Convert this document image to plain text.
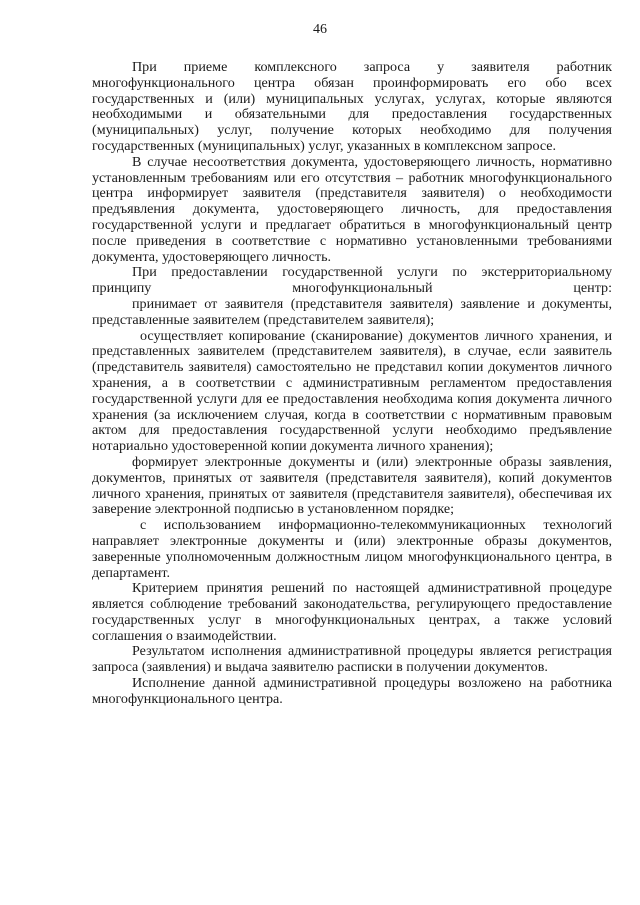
46

При приеме комплексного запроса у заявителя работник многофункционального центра обязан проинформировать его обо всех государственных и (или) муниципальных услугах, услугах, которые являются необходимыми и обязательными для предоставления государственных (муниципальных) услуг, получение которых необходимо для получения государственных (муниципальных) услуг, указанных в комплексном запросе.

В случае несоответствия документа, удостоверяющего личность, нормативно установленным требованиям или его отсутствия – работник многофункционального центра информирует заявителя (представителя заявителя) о необходимости предъявления документа, удостоверяющего личность, для предоставления государственной услуги и предлагает обратиться в многофункциональный центр после приведения в соответствие с нормативно установленными требованиями документа, удостоверяющего личность.

При предоставлении государственной услуги по экстерриториальному принципу многофункциональный центр:

принимает от заявителя (представителя заявителя) заявление и документы, представленные заявителем (представителем заявителя);

осуществляет копирование (сканирование) документов личного хранения, и представленных заявителем (представителем заявителя), в случае, если заявитель (представитель заявителя) самостоятельно не представил копии документов личного хранения, а в соответствии с административным регламентом предоставления государственной услуги для ее предоставления необходима копия документа личного хранения (за исключением случая, когда в соответствии с нормативным правовым актом для предоставления государственной услуги необходимо предъявление нотариально удостоверенной копии документа личного хранения);

формирует электронные документы и (или) электронные образы заявления, документов, принятых от заявителя (представителя заявителя), копий документов личного хранения, принятых от заявителя (представителя заявителя), обеспечивая их заверение электронной подписью в установленном порядке;

с использованием информационно-телекоммуникационных технологий направляет электронные документы и (или) электронные образы документов, заверенные уполномоченным должностным лицом многофункционального центра, в департамент.

Критерием принятия решений по настоящей административной процедуре является соблюдение требований законодательства, регулирующего предоставление государственных услуг в многофункциональных центрах, а также условий соглашения о взаимодействии.

Результатом исполнения административной процедуры является регистрация запроса (заявления) и выдача заявителю расписки в получении документов.

Исполнение данной административной процедуры возложено на работника многофункционального центра.
